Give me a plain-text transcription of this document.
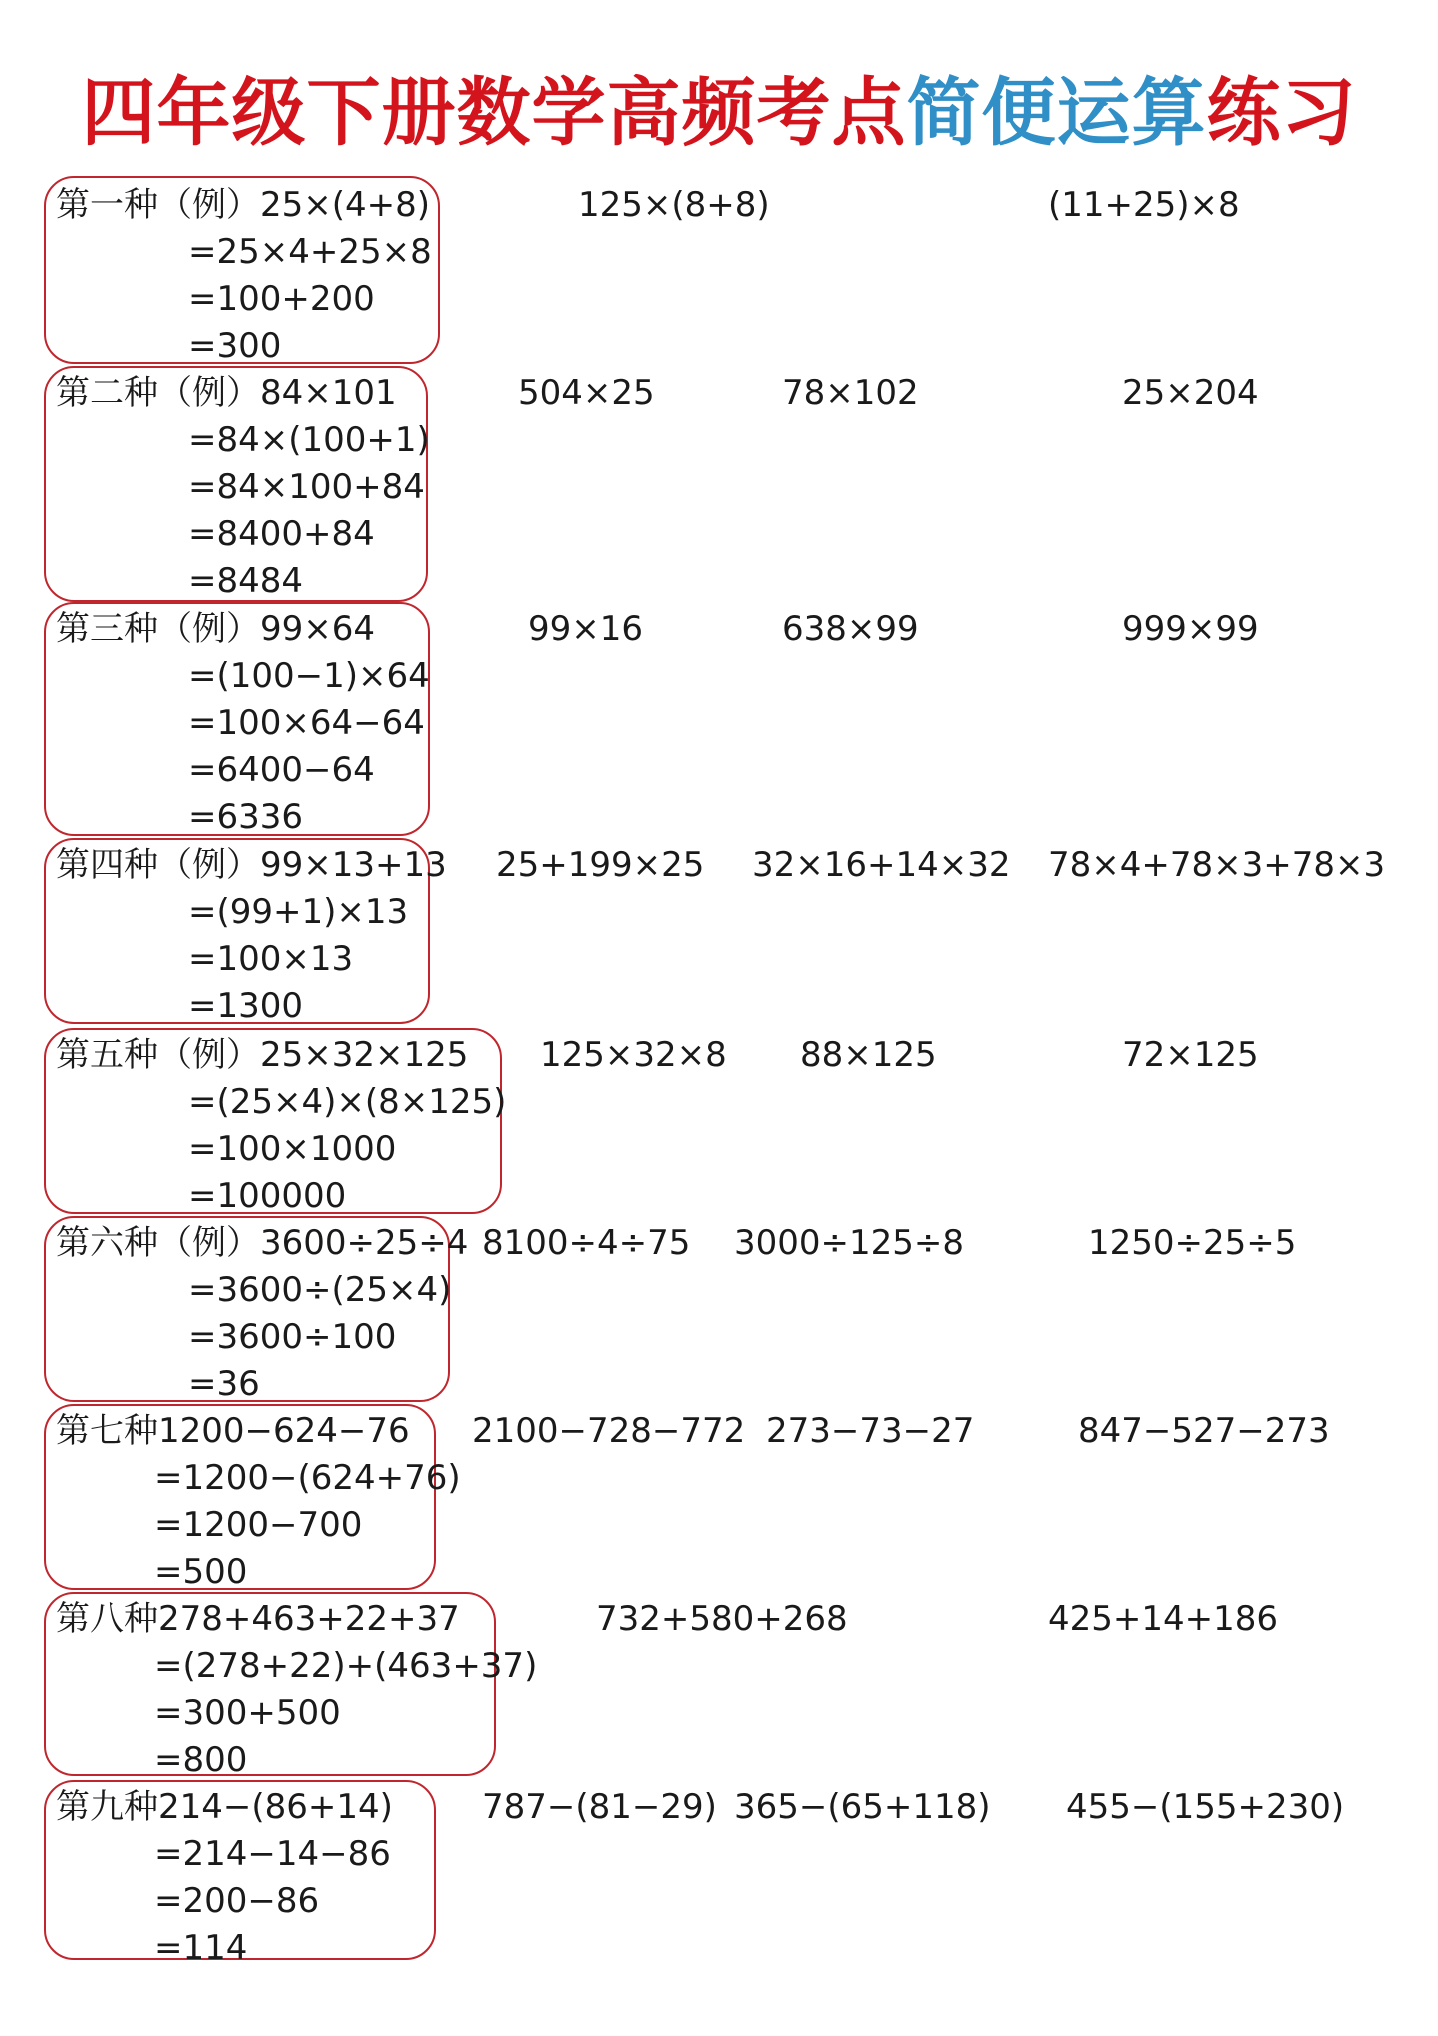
四年级下册数学高频考点简便运算练习
第一种（例）25×(4+8)
=25×4+25×8
=100+200
=300
125×(8+8)	(11+25)×8
第二种（例）84×101
=84×(100+1)
=84×100+84
=8400+84
=8484
504×25	78×102	25×204
第三种（例）99×64
=(100−1)×64
=100×64−64
=6400−64
=6336
99×16	638×99	999×99
第四种（例）99×13+13
=(99+1)×13
=100×13
=1300
25+199×25 32×16+14×32 78×4+78×3+78×3
第五种（例）25×32×125
=(25×4)×(8×125)
=100×1000
=100000
125×32×8 88×125	72×125
第六种（例）3600÷25÷4
=3600÷(25×4)
=3600÷100
=36
8100÷4÷75 3000÷125÷8	1250÷25÷5
第七种1200−624−76
=1200−(624+76)
=1200−700
=500
2100−728−772 273−73−27	847−527−273
第八种278+463+22+37
=(278+22)+(463+37)
=300+500
=800
732+580+268	425+14+186
第九种214−(86+14)
=214−14−86
=200−86
=114
787−(81−29) 365−(65+118) 455−(155+230)
